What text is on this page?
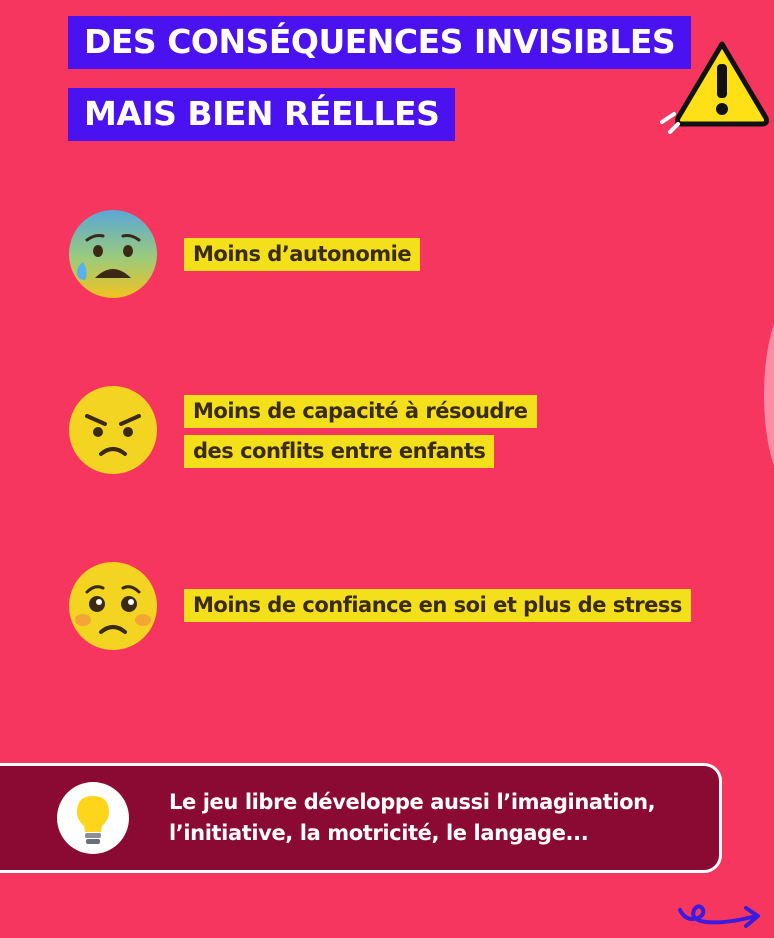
DES CONSÉQUENCES INVISIBLES
MAIS BIEN RÉELLES
Moins d’autonomie
Moins de capacité à résoudre
des conflits entre enfants
Moins de confiance en soi et plus de stress
Le jeu libre développe aussi l’imagination,
l’initiative, la motricité, le langage...
